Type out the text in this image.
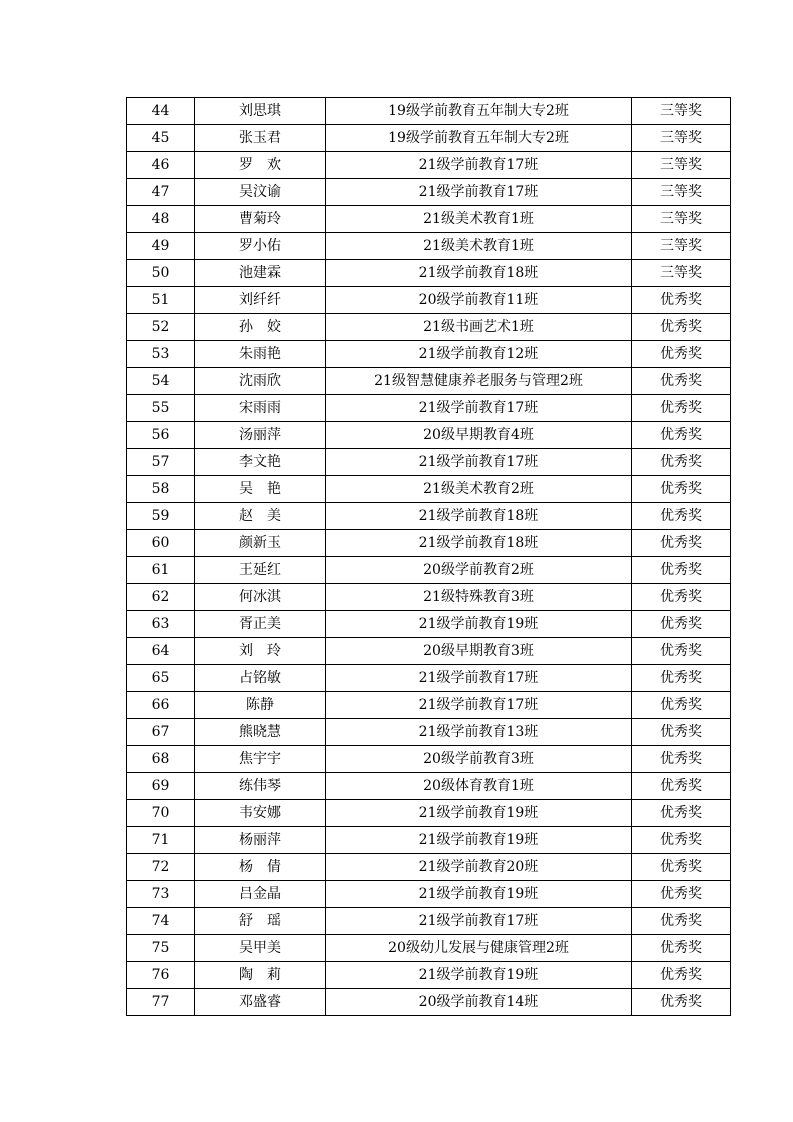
44	刘思琪	19级学前教育五年制大专2班	三等奖
45	张玉君	19级学前教育五年制大专2班	三等奖
46	罗　欢	21级学前教育17班	三等奖
47	吴汶谕	21级学前教育17班	三等奖
48	曹菊玲	21级美术教育1班	三等奖
49	罗小佑	21级美术教育1班	三等奖
50	池建霖	21级学前教育18班	三等奖
51	刘纤纤	20级学前教育11班	优秀奖
52	孙　姣	21级书画艺术1班	优秀奖
53	朱雨艳	21级学前教育12班	优秀奖
54	沈雨欣	21级智慧健康养老服务与管理2班	优秀奖
55	宋雨雨	21级学前教育17班	优秀奖
56	汤丽萍	20级早期教育4班	优秀奖
57	李文艳	21级学前教育17班	优秀奖
58	吴　艳	21级美术教育2班	优秀奖
59	赵　美	21级学前教育18班	优秀奖
60	颜新玉	21级学前教育18班	优秀奖
61	王延红	20级学前教育2班	优秀奖
62	何冰淇	21级特殊教育3班	优秀奖
63	胥正美	21级学前教育19班	优秀奖
64	刘　玲	20级早期教育3班	优秀奖
65	占铭敏	21级学前教育17班	优秀奖
66	陈静	21级学前教育17班	优秀奖
67	熊晓慧	21级学前教育13班	优秀奖
68	焦宇宇	20级学前教育3班	优秀奖
69	练伟琴	20级体育教育1班	优秀奖
70	韦安娜	21级学前教育19班	优秀奖
71	杨丽萍	21级学前教育19班	优秀奖
72	杨　倩	21级学前教育20班	优秀奖
73	吕金晶	21级学前教育19班	优秀奖
74	舒　瑶	21级学前教育17班	优秀奖
75	吴甲美	20级幼儿发展与健康管理2班	优秀奖
76	陶　莉	21级学前教育19班	优秀奖
77	邓盛睿	20级学前教育14班	优秀奖
